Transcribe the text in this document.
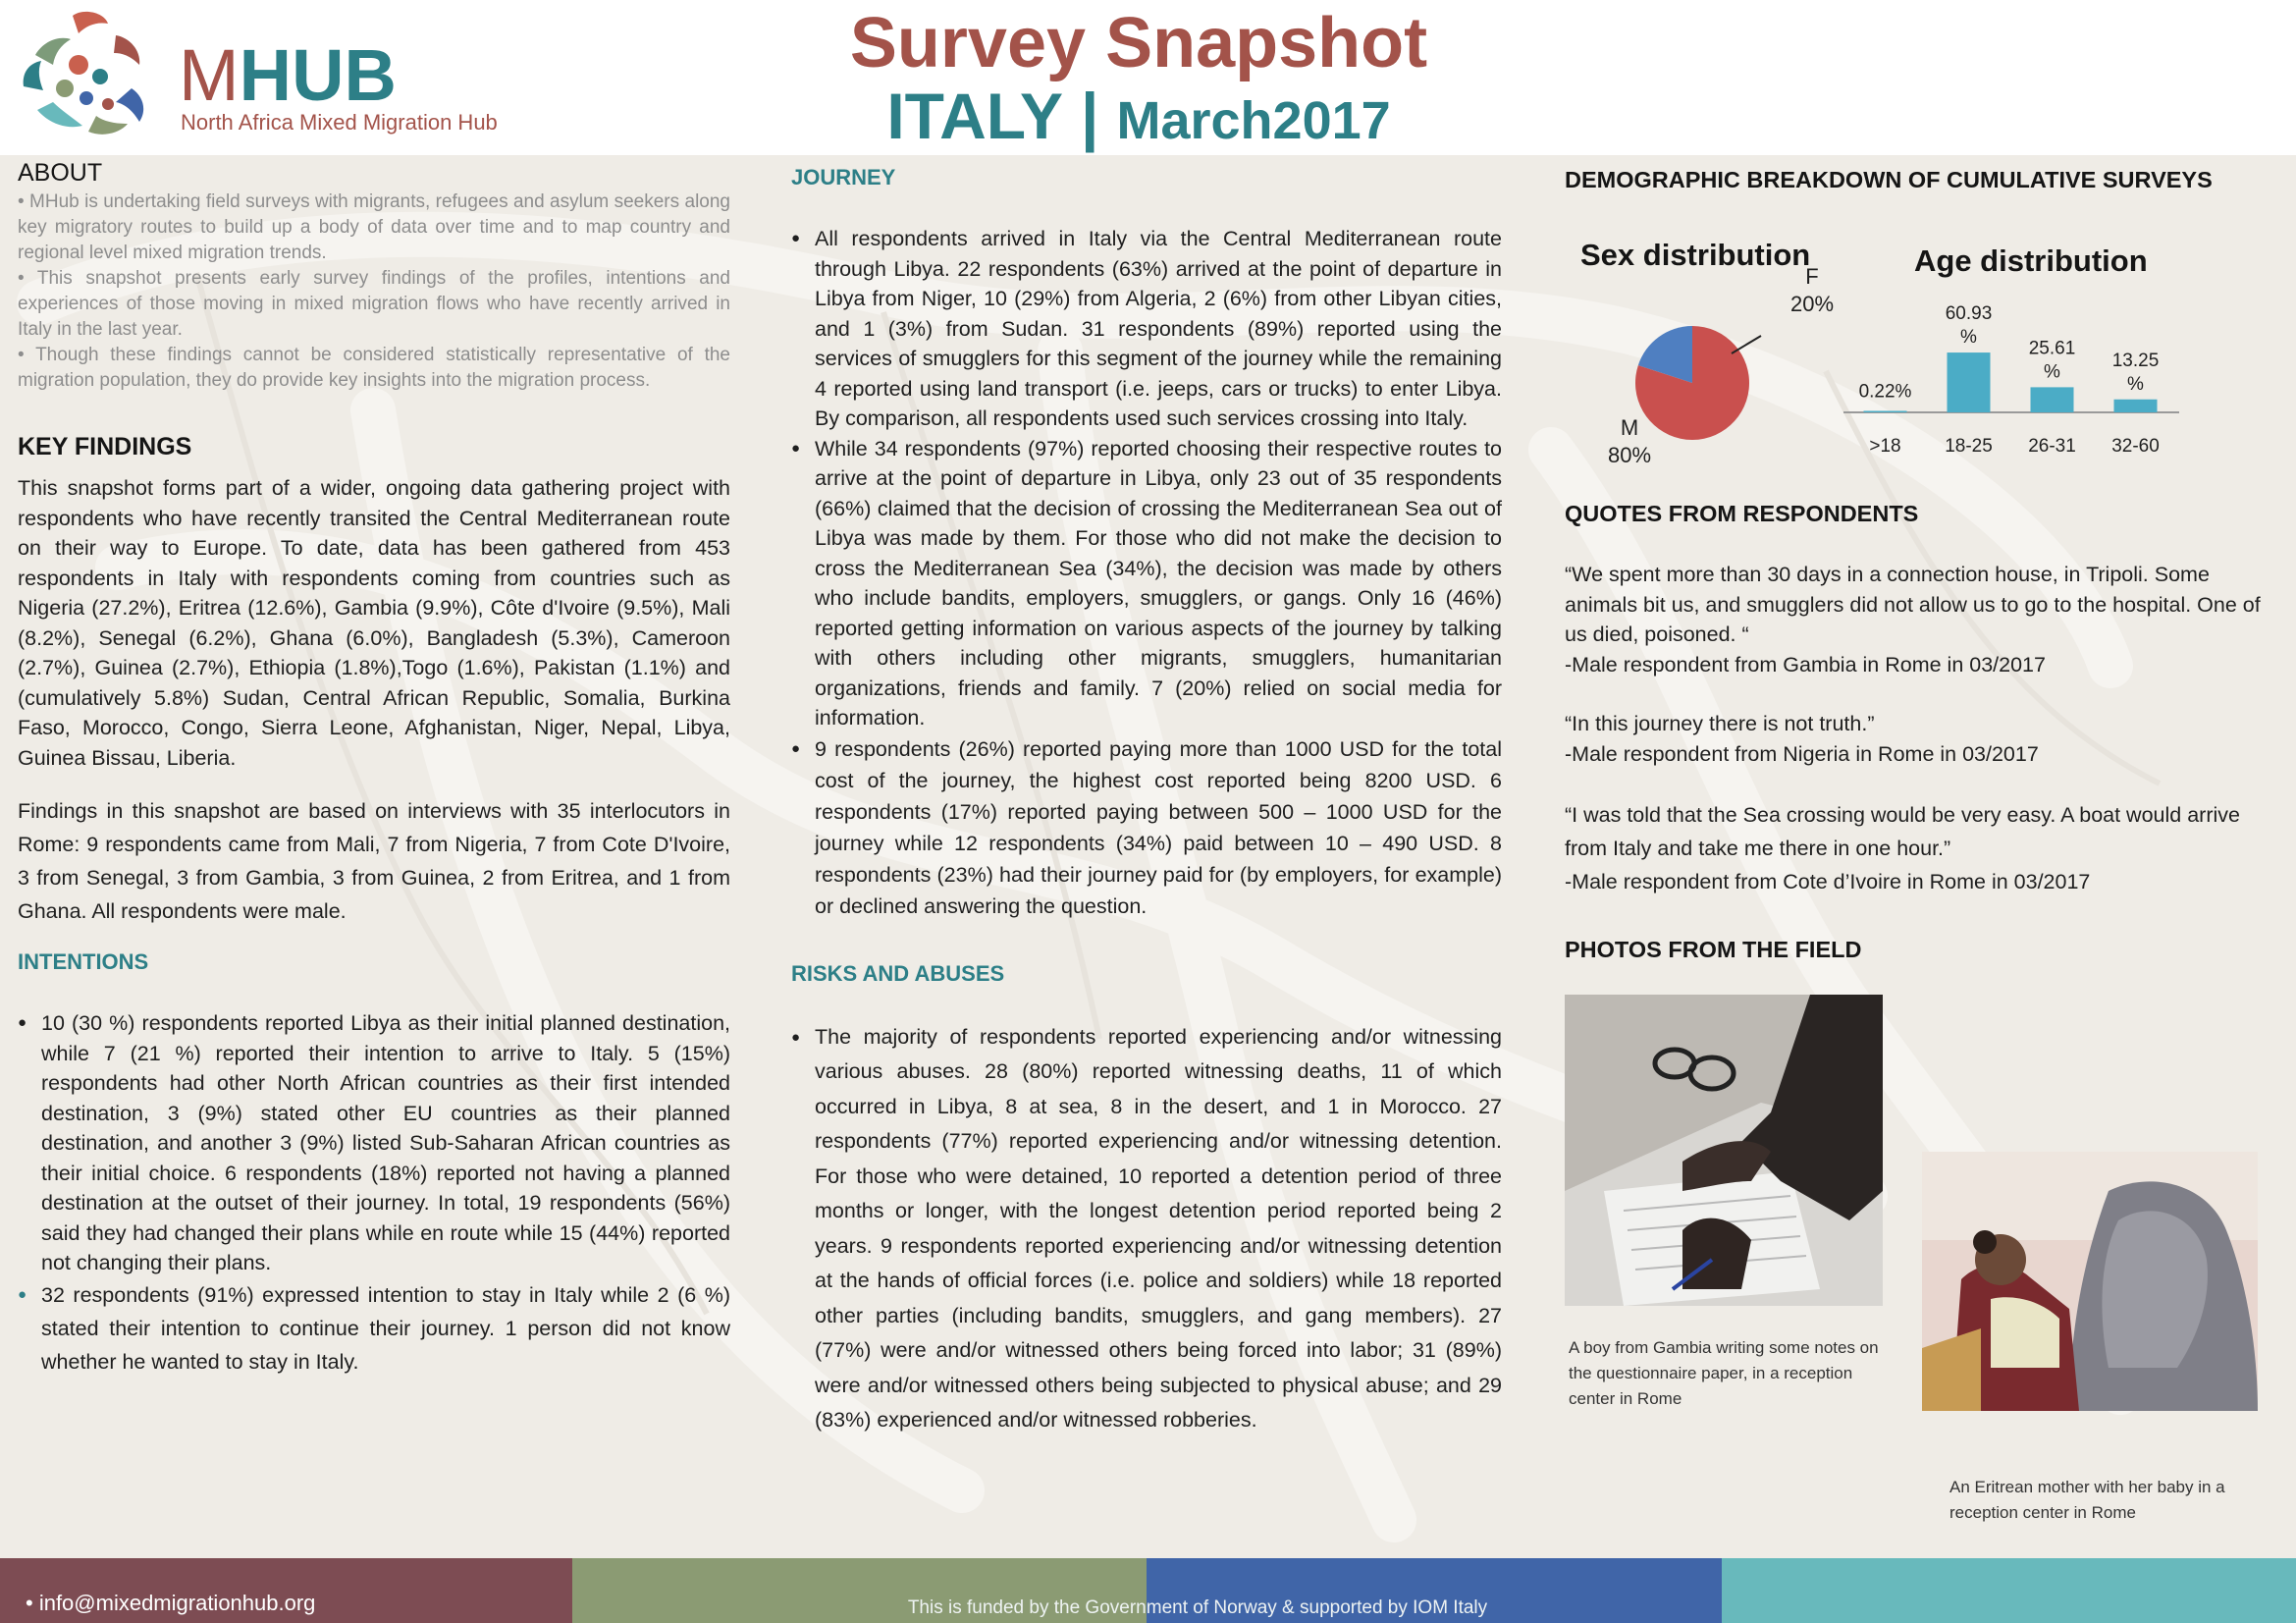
MHUB
North Africa Mixed Migration Hub
Survey Snapshot
ITALY | March2017
ABOUT

• MHub is undertaking field surveys with migrants, refugees and asylum seekers along key migratory routes to build up a body of data over time and to map country and regional level mixed migration trends.

• This snapshot presents early survey findings of the profiles, intentions and experiences of those moving in mixed migration flows who have recently arrived in Italy in the last year.

• Though these findings cannot be considered statistically representative of the migration population, they do provide key insights into the migration process.

KEY FINDINGS

This snapshot forms part of a wider, ongoing data gathering project with respondents who have recently transited the Central Mediterranean route on their way to Europe. To date, data has been gathered from 453 respondents in Italy with respondents coming from countries such as Nigeria (27.2%), Eritrea (12.6%), Gambia (9.9%), Côte d'Ivoire (9.5%), Mali (8.2%), Senegal (6.2%), Ghana (6.0%), Bangladesh (5.3%), Cameroon (2.7%), Guinea (2.7%), Ethiopia (1.8%),Togo (1.6%), Pakistan (1.1%) and (cumulatively 5.8%) Sudan, Central African Republic, Somalia, Burkina Faso, Morocco, Congo, Sierra Leone, Afghanistan, Niger, Nepal, Libya, Guinea Bissau, Liberia.

Findings in this snapshot are based on interviews with 35 interlocutors in Rome: 9 respondents came from Mali, 7 from Nigeria, 7 from Cote D'Ivoire, 3 from Senegal, 3 from Gambia, 3 from Guinea, 2 from Eritrea, and 1 from Ghana. All respondents were male.

INTENTIONS
● 10 (30 %) respondents reported Libya as their initial planned destination, while 7 (21 %) reported their intention to arrive to Italy. 5 (15%) respondents had other North African countries as their first intended destination, 3 (9%) stated other EU countries as their planned destination, and another 3 (9%) listed Sub-Saharan African countries as their initial choice. 6 respondents (18%) reported not having a planned destination at the outset of their journey. In total, 19 respondents (56%) said they had changed their plans while en route while 15 (44%) reported not changing their plans.
● 32 respondents (91%) expressed intention to stay in Italy while 2 (6 %) stated their intention to continue their journey. 1 person did not know whether he wanted to stay in Italy.
JOURNEY
● All respondents arrived in Italy via the Central Mediterranean route through Libya. 22 respondents (63%) arrived at the point of departure in Libya from Niger, 10 (29%) from Algeria, 2 (6%) from other Libyan cities, and 1 (3%) from Sudan. 31 respondents (89%) reported using the services of smugglers for this segment of the journey while the remaining 4 reported using land transport (i.e. jeeps, cars or trucks) to enter Libya. By comparison, all respondents used such services crossing into Italy.
● While 34 respondents (97%) reported choosing their respective routes to arrive at the point of departure in Libya, only 23 out of 35 respondents (66%) claimed that the decision of crossing the Mediterranean Sea out of Libya was made by them. For those who did not make the decision to cross the Mediterranean Sea (34%), the decision was made by others who include bandits, employers, smugglers, or gangs. Only 16 (46%) reported getting information on various aspects of the journey by talking with others including other migrants, smugglers, humanitarian organizations, friends and family. 7 (20%) relied on social media for information.
● 9 respondents (26%) reported paying more than 1000 USD for the total cost of the journey, the highest cost reported being 8200 USD. 6 respondents (17%) reported paying between 500 – 1000 USD for the journey while 12 respondents (34%) paid between 10 – 490 USD. 8 respondents (23%) had their journey paid for (by employers, for example) or declined answering the question.
RISKS AND ABUSES
● The majority of respondents reported experiencing and/or witnessing various abuses. 28 (80%) reported witnessing deaths, 11 of which occurred in Libya, 8 at sea, 8 in the desert, and 1 in Morocco. 27 respondents (77%) reported experiencing and/or witnessing detention. For those who were detained, 10 reported a detention period of three months or longer, with the longest detention period reported being 2 years. 9 respondents reported experiencing and/or witnessing detention at the hands of official forces (i.e. police and soldiers) while 18 reported other parties (including bandits, smugglers, and gang members). 27 (77%) were and/or witnessed others being forced into labor; 31 (89%) were and/or witnessed others being subjected to physical abuse; and 29 (83%) experienced and/or witnessed robberies.
DEMOGRAPHIC BREAKDOWN OF CUMULATIVE SURVEYS
Sex distribution
F
20%
M
80%
Age distribution
0.22%
>18
60.93 %
18-25
25.61 %
26-31
13.25 %
32-60
QUOTES FROM RESPONDENTS

“We spent more than 30 days in a connection house, in Tripoli. Some animals bit us, and smugglers did not allow us to go to the hospital. One of us died, poisoned. “

-Male respondent from Gambia in Rome in 03/2017

“In this journey there is not truth.”

-Male respondent from Nigeria in Rome in 03/2017

“I was told that the Sea crossing would be very easy. A boat would arrive from Italy and take me there in one hour.”

-Male respondent from Cote d’Ivoire in Rome in 03/2017

PHOTOS FROM THE FIELD
A boy from Gambia writing some notes on the questionnaire paper, in a reception center in Rome
An Eritrean mother with her baby in a reception center in Rome
• info@mixedmigrationhub.org	This is funded by the Government of Norway & supported by IOM Italy
